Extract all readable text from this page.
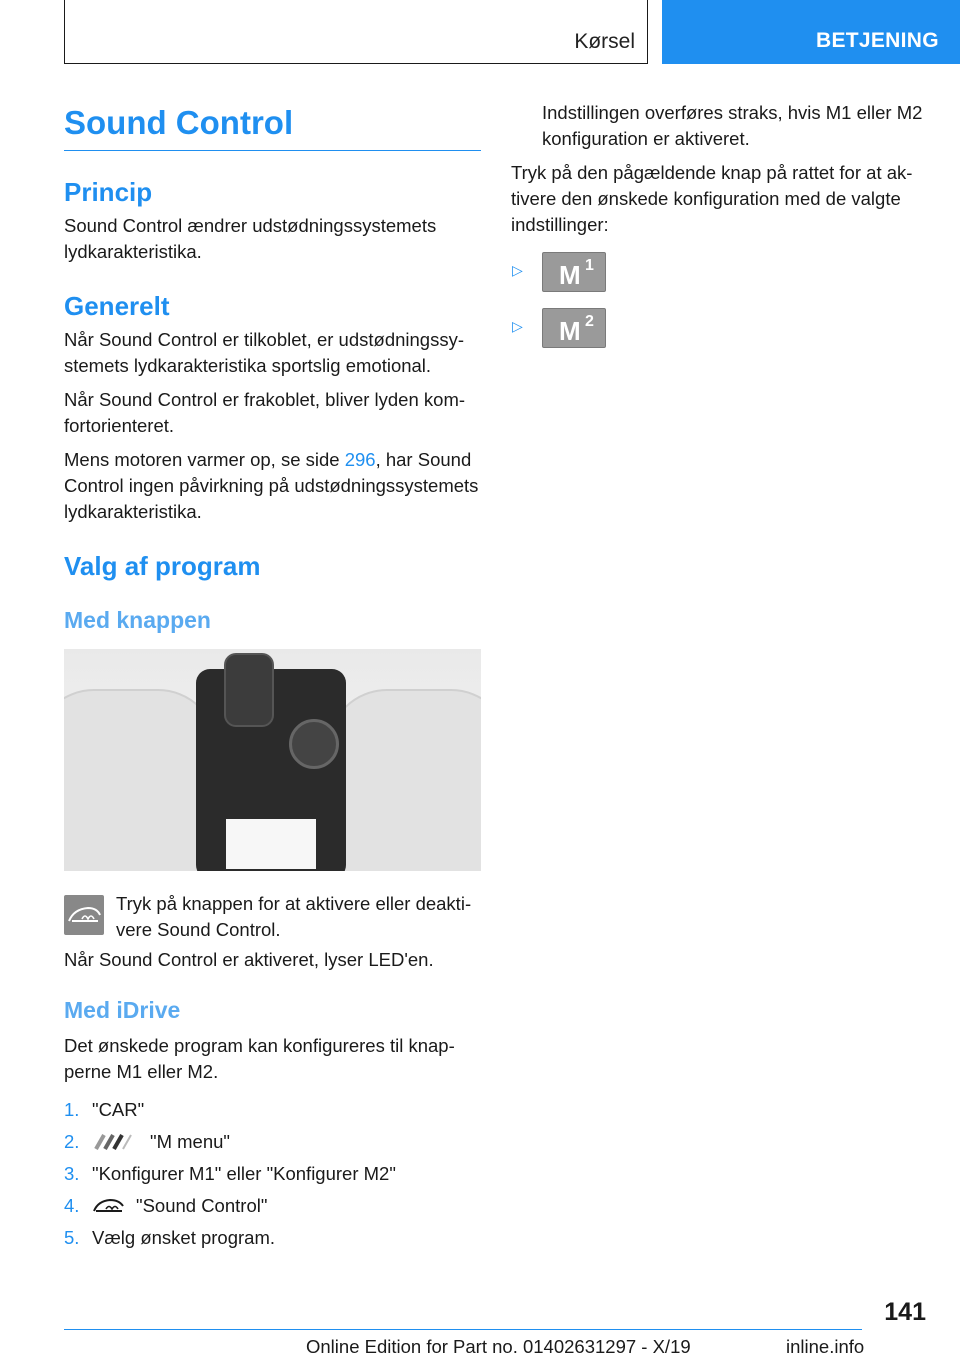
Kørsel	BETJENING
Sound Control
Princip

Sound Control ændrer udstødningssystemets lydkarakteristika.

Generelt

Når Sound Control er tilkoblet, er udstødningssystemets lydkarakteristika sportslig emotional.

Når Sound Control er frakoblet, bliver lyden komfortorienteret.

Mens motoren varmer op, se side 296, har Sound Control ingen påvirkning på udstødningssystemets lydkarakteristika.

Valg af program
Med knappen

Tryk på knappen for at aktivere eller deaktivere Sound Control.

Når Sound Control er aktiveret, lyser LED'en.

Med iDrive

Det ønskede program kan konfigureres til knapperne M1 eller M2.

1. "CAR"
2.	"M menu"
3. "Konfigurer M1" eller "Konfigurer M2"
4.	"Sound Control"
5. Vælg ønsket program.

Indstillingen overføres straks, hvis M1 eller M2 konfiguration er aktiveret.

Tryk på den pågældende knap på rattet for at aktivere den ønskede konfiguration med de valgte indstillinger:

▷ M 1
▷ M 2
141
Online Edition for Part no. 01402631297 - X/19	inline.info
